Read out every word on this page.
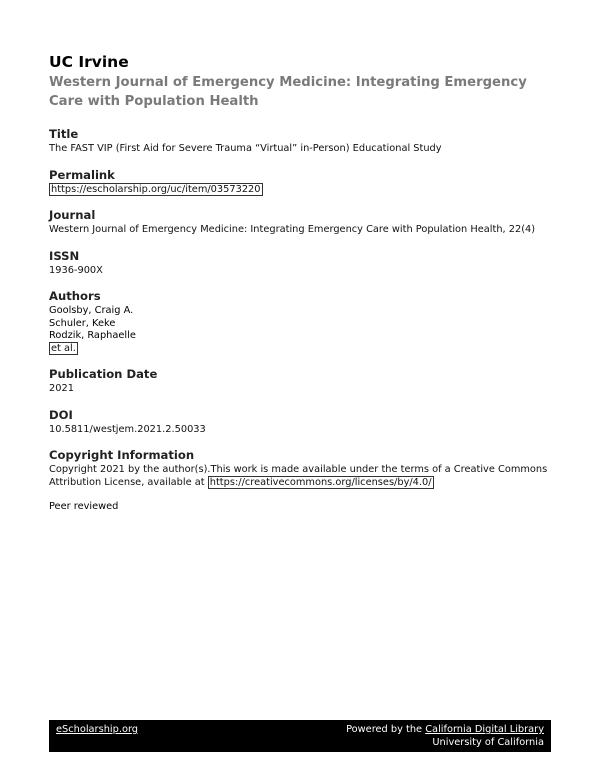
UC Irvine
Western Journal of Emergency Medicine: Integrating Emergency Care with Population Health
Title
The FAST VIP (First Aid for Severe Trauma “Virtual” in-Person) Educational Study
Permalink
https://escholarship.org/uc/item/03573220
Journal
Western Journal of Emergency Medicine: Integrating Emergency Care with Population Health, 22(4)
ISSN
1936-900X
Authors
Goolsby, Craig A.
Schuler, Keke
Rodzik, Raphaelle
et al.
Publication Date
2021
DOI
10.5811/westjem.2021.2.50033
Copyright Information
Copyright 2021 by the author(s).This work is made available under the terms of a Creative Commons Attribution License, available at https://creativecommons.org/licenses/by/4.0/
Peer reviewed
eScholarship.org	Powered by the California Digital Library
University of California
